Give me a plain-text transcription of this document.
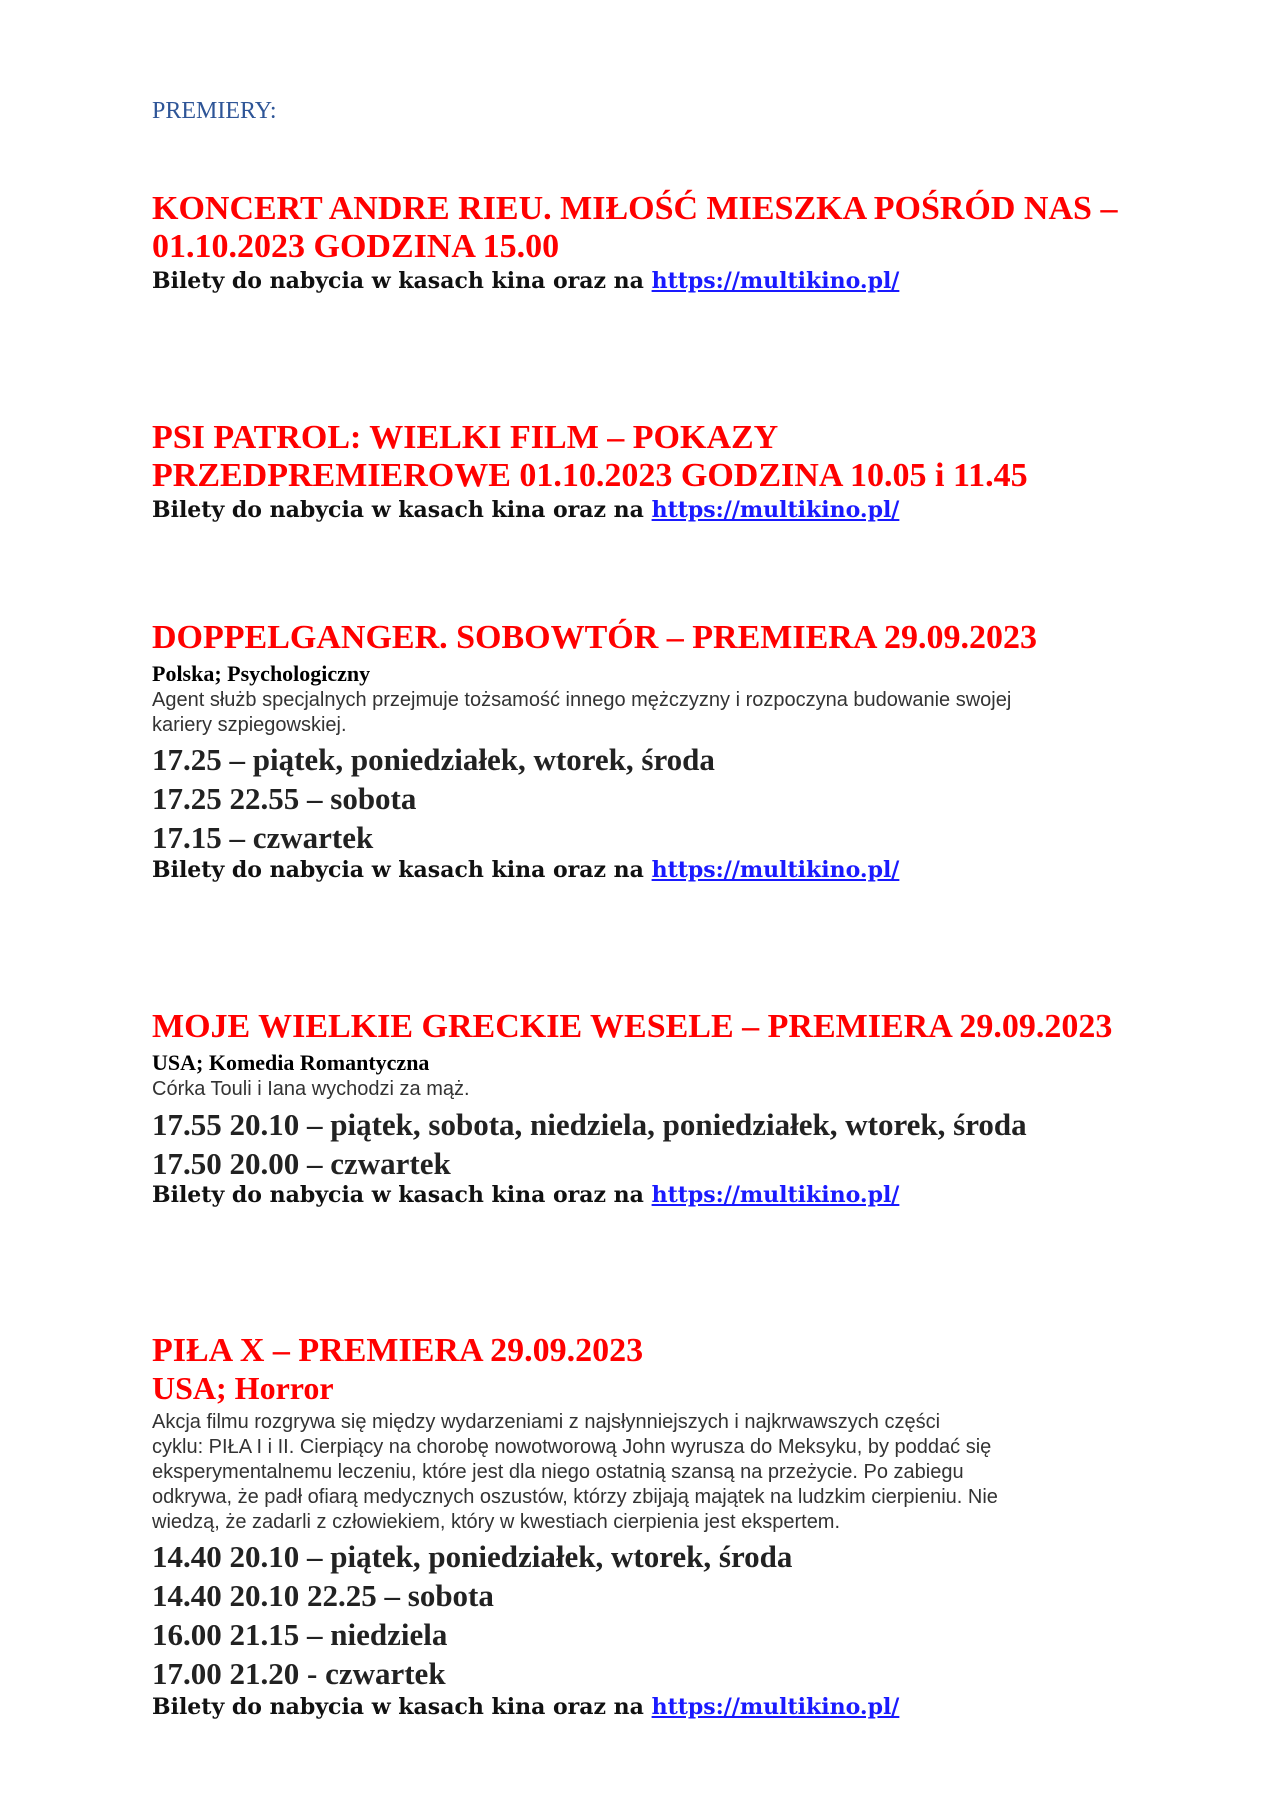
PREMIERY:
KONCERT ANDRE RIEU. MIŁOŚĆ MIESZKA POŚRÓD NAS –
01.10.2023 GODZINA 15.00
Bilety do nabycia w kasach kina oraz na https://multikino.pl/
PSI PATROL: WIELKI FILM – POKAZY
PRZEDPREMIEROWE 01.10.2023 GODZINA 10.05 i 11.45
Bilety do nabycia w kasach kina oraz na https://multikino.pl/
DOPPELGANGER. SOBOWTÓR – PREMIERA 29.09.2023
Polska; Psychologiczny

Agent służb specjalnych przejmuje tożsamość innego mężczyzny i rozpoczyna budowanie swojej

kariery szpiegowskiej.

17.25 – piątek, poniedziałek, wtorek, środa
17.25 22.55 – sobota
17.15 – czwartek
Bilety do nabycia w kasach kina oraz na https://multikino.pl/
MOJE WIELKIE GRECKIE WESELE – PREMIERA 29.09.2023
USA; Komedia Romantyczna

Córka Touli i Iana wychodzi za mąż.

17.55 20.10 – piątek, sobota, niedziela, poniedziałek, wtorek, środa
17.50 20.00 – czwartek
Bilety do nabycia w kasach kina oraz na https://multikino.pl/
PIŁA X – PREMIERA 29.09.2023
USA; Horror

Akcja filmu rozgrywa się między wydarzeniami z najsłynniejszych i najkrwawszych części

cyklu: PIŁA I i II. Cierpiący na chorobę nowotworową John wyrusza do Meksyku, by poddać się

eksperymentalnemu leczeniu, które jest dla niego ostatnią szansą na przeżycie. Po zabiegu

odkrywa, że padł ofiarą medycznych oszustów, którzy zbijają majątek na ludzkim cierpieniu. Nie

wiedzą, że zadarli z człowiekiem, który w kwestiach cierpienia jest ekspertem.

14.40 20.10 – piątek, poniedziałek, wtorek, środa
14.40 20.10 22.25 – sobota
16.00 21.15 – niedziela
17.00 21.20 - czwartek
Bilety do nabycia w kasach kina oraz na https://multikino.pl/
